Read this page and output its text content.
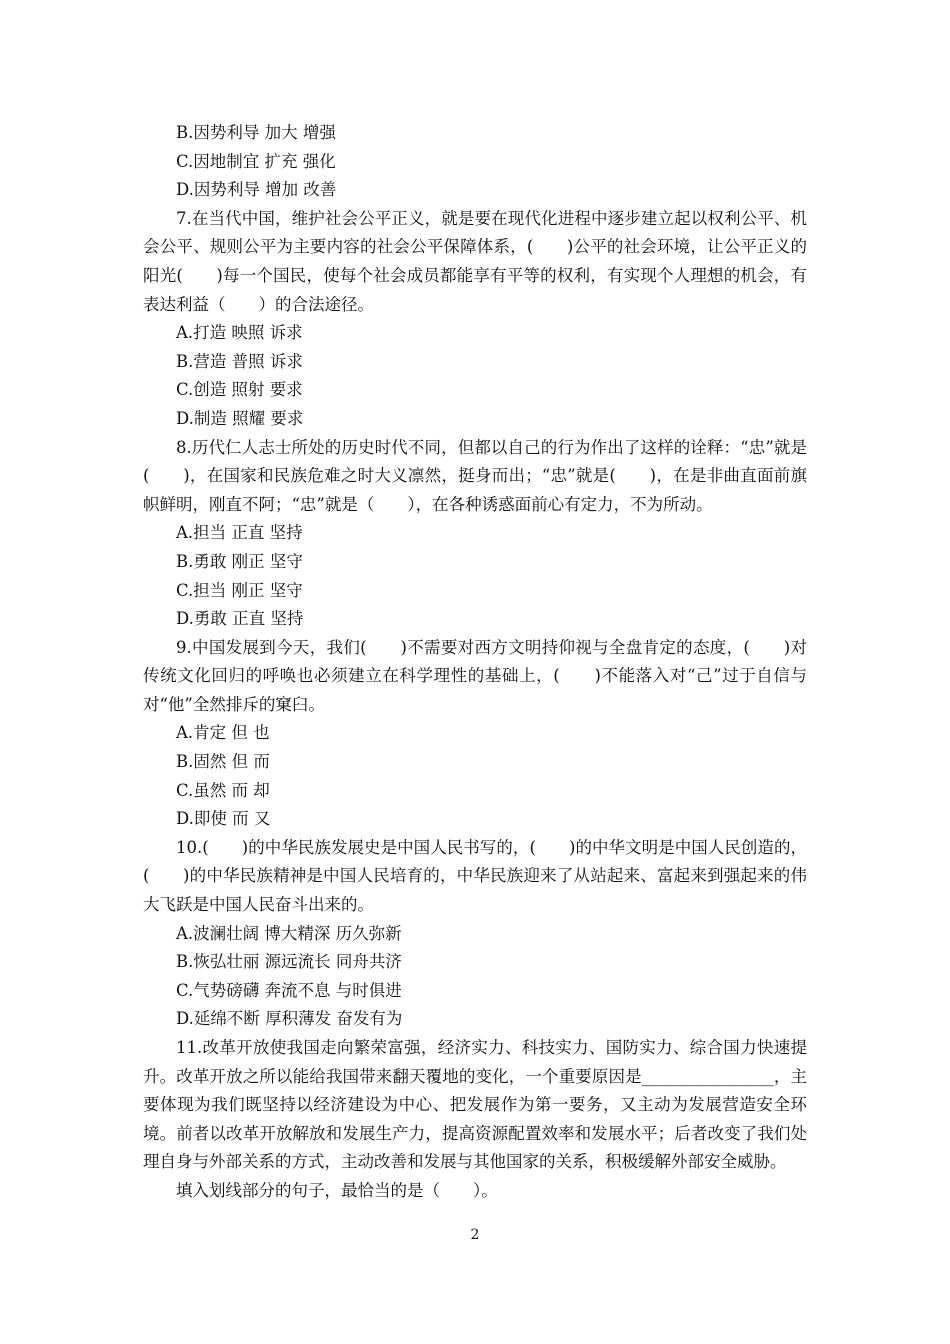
B.因势利导 加大 增强

C.因地制宜 扩充 强化

D.因势利导 增加 改善

7.在当代中国，维护社会公平正义，就是要在现代化进程中逐步建立起以权利公平、机会公平、规则公平为主要内容的社会公平保障体系，(　　)公平的社会环境，让公平正义的阳光(　　)每一个国民，使每个社会成员都能享有平等的权利，有实现个人理想的机会，有表达利益（　　）的合法途径。

A.打造 映照 诉求

B.营造 普照 诉求

C.创造 照射 要求

D.制造 照耀 要求

8.历代仁人志士所处的历史时代不同，但都以自己的行为作出了这样的诠释：“忠”就是(　　)，在国家和民族危难之时大义凛然，挺身而出；“忠”就是(　　)，在是非曲直面前旗帜鲜明，刚直不阿；“忠”就是（　　），在各种诱惑面前心有定力，不为所动。

A.担当 正直 坚持

B.勇敢 刚正 坚守

C.担当 刚正 坚守

D.勇敢 正直 坚持

9.中国发展到今天，我们(　　)不需要对西方文明持仰视与全盘肯定的态度，(　　)对传统文化回归的呼唤也必须建立在科学理性的基础上，(　　)不能落入对“己”过于自信与对“他”全然排斥的窠臼。

A.肯定 但 也

B.固然 但 而

C.虽然 而 却

D.即使 而 又

10.(　　)的中华民族发展史是中国人民书写的，(　　)的中华文明是中国人民创造的，(　　)的中华民族精神是中国人民培育的，中华民族迎来了从站起来、富起来到强起来的伟大飞跃是中国人民奋斗出来的。

A.波澜壮阔 博大精深 历久弥新

B.恢弘壮丽 源远流长 同舟共济

C.气势磅礴 奔流不息 与时俱进

D.延绵不断 厚积薄发 奋发有为

11.改革开放使我国走向繁荣富强，经济实力、科技实力、国防实力、综合国力快速提升。改革开放之所以能给我国带来翻天覆地的变化，一个重要原因是________________，主要体现为我们既坚持以经济建设为中心、把发展作为第一要务，又主动为发展营造安全环境。前者以改革开放解放和发展生产力，提高资源配置效率和发展水平；后者改变了我们处理自身与外部关系的方式，主动改善和发展与其他国家的关系，积极缓解外部安全威胁。

填入划线部分的句子，最恰当的是（　　）。

2
